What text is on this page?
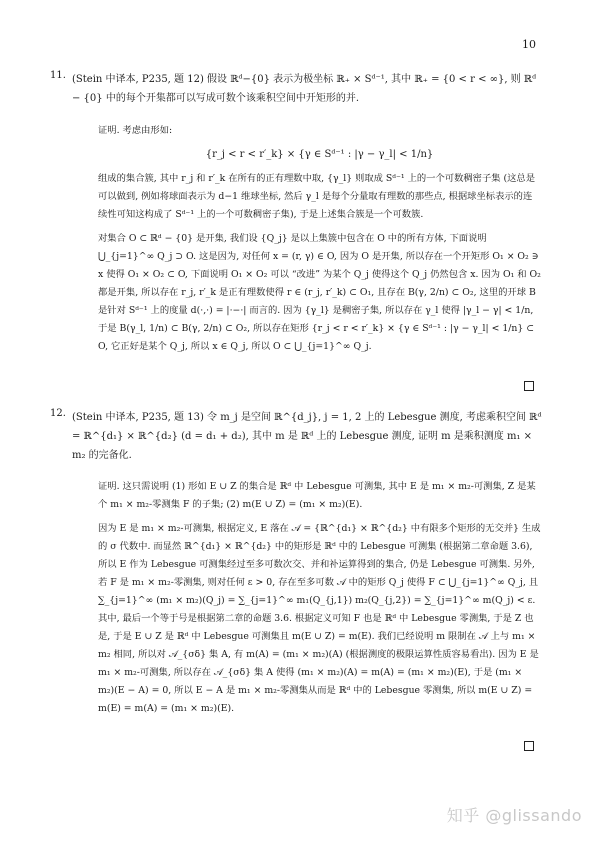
10
11. (Stein 中译本, P235, 题 12) 假设 ℝᵈ−{0} 表示为极坐标 ℝ₊ × Sᵈ⁻¹, 其中 ℝ₊ = {0 < r < ∞}, 则 ℝᵈ − {0} 中的每个开集都可以写成可数个该乘积空间中开矩形的并.

证明. 考虑由形如:

{r_j < r < r′_k} × {γ ∈ Sᵈ⁻¹ : |γ − γ_l| < 1/n}

组成的集合簇, 其中 r_j 和 r′_k 在所有的正有理数中取, {γ_l} 则取成 Sᵈ⁻¹ 上的一个可数稠密子集 (这总是可以做到, 例如将球面表示为 d−1 维球坐标, 然后 γ_l 是每个分量取有理数的那些点, 根据球坐标表示的连续性可知这构成了 Sᵈ⁻¹ 上的一个可数稠密子集), 于是上述集合簇是一个可数簇.

对集合 O ⊂ ℝᵈ − {0} 是开集, 我们设 {Q_j} 是以上集簇中包含在 O 中的所有方体, 下面说明 ⋃_{j=1}^∞ Q_j ⊃ O. 这是因为, 对任何 x = (r, γ) ∈ O, 因为 O 是开集, 所以存在一个开矩形 O₁ × O₂ ∋ x 使得 O₁ × O₂ ⊂ O, 下面说明 O₁ × O₂ 可以 “改进” 为某个 Q_j 使得这个 Q_j 仍然包含 x. 因为 O₁ 和 O₂ 都是开集, 所以存在 r_j, r′_k 是正有理数使得 r ∈ (r_j, r′_k) ⊂ O₁, 且存在 B(γ, 2/n) ⊂ O₂, 这里的开球 B 是针对 Sᵈ⁻¹ 上的度量 d(·,·) = |·−·| 而言的. 因为 {γ_l} 是稠密子集, 所以存在 γ_l 使得 |γ_l − γ| < 1/n, 于是 B(γ_l, 1/n) ⊂ B(γ, 2/n) ⊂ O₂, 所以存在矩形 {r_j < r < r′_k} × {γ ∈ Sᵈ⁻¹ : |γ − γ_l| < 1/n} ⊂ O, 它正好是某个 Q_j, 所以 x ∈ Q_j, 所以 O ⊂ ⋃_{j=1}^∞ Q_j.

12. (Stein 中译本, P235, 题 13) 令 m_j 是空间 ℝ^{d_j}, j = 1, 2 上的 Lebesgue 测度, 考虑乘积空间 ℝᵈ = ℝ^{d₁} × ℝ^{d₂} (d = d₁ + d₂), 其中 m 是 ℝᵈ 上的 Lebesgue 测度, 证明 m 是乘积测度 m₁ × m₂ 的完备化.

证明. 这只需说明 (1) 形如 E ∪ Z 的集合是 ℝᵈ 中 Lebesgue 可测集, 其中 E 是 m₁ × m₂-可测集, Z 是某个 m₁ × m₂-零测集 F 的子集; (2) m(E ∪ Z) = (m₁ × m₂)(E).

因为 E 是 m₁ × m₂-可测集, 根据定义, E 落在 𝒜 = {ℝ^{d₁} × ℝ^{d₂} 中有限多个矩形的无交并} 生成的 σ 代数中. 而显然 ℝ^{d₁} × ℝ^{d₂} 中的矩形是 ℝᵈ 中的 Lebesgue 可测集 (根据第二章命题 3.6), 所以 E 作为 Lebesgue 可测集经过至多可数次交、并和补运算得到的集合, 仍是 Lebesgue 可测集. 另外, 若 F 是 m₁ × m₂-零测集, 则对任何 ε > 0, 存在至多可数 𝒜 中的矩形 Q_j 使得 F ⊂ ⋃_{j=1}^∞ Q_j, 且 ∑_{j=1}^∞ (m₁ × m₂)(Q_j) = ∑_{j=1}^∞ m₁(Q_{j,1}) m₂(Q_{j,2}) = ∑_{j=1}^∞ m(Q_j) < ε. 其中, 最后一个等于号是根据第二章的命题 3.6. 根据定义可知 F 也是 ℝᵈ 中 Lebesgue 零测集, 于是 Z 也是, 于是 E ∪ Z 是 ℝᵈ 中 Lebesgue 可测集且 m(E ∪ Z) = m(E). 我们已经说明 m 限制在 𝒜 上与 m₁ × m₂ 相同, 所以对 𝒜_{σδ} 集 A, 有 m(A) = (m₁ × m₂)(A) (根据测度的极限运算性质容易看出). 因为 E 是 m₁ × m₂-可测集, 所以存在 𝒜_{σδ} 集 A 使得 (m₁ × m₂)(A) = m(A) = (m₁ × m₂)(E), 于是 (m₁ × m₂)(E − A) = 0, 所以 E − A 是 m₁ × m₂-零测集从而是 ℝᵈ 中的 Lebesgue 零测集, 所以 m(E ∪ Z) = m(E) = m(A) = (m₁ × m₂)(E).

知乎 @glissando
